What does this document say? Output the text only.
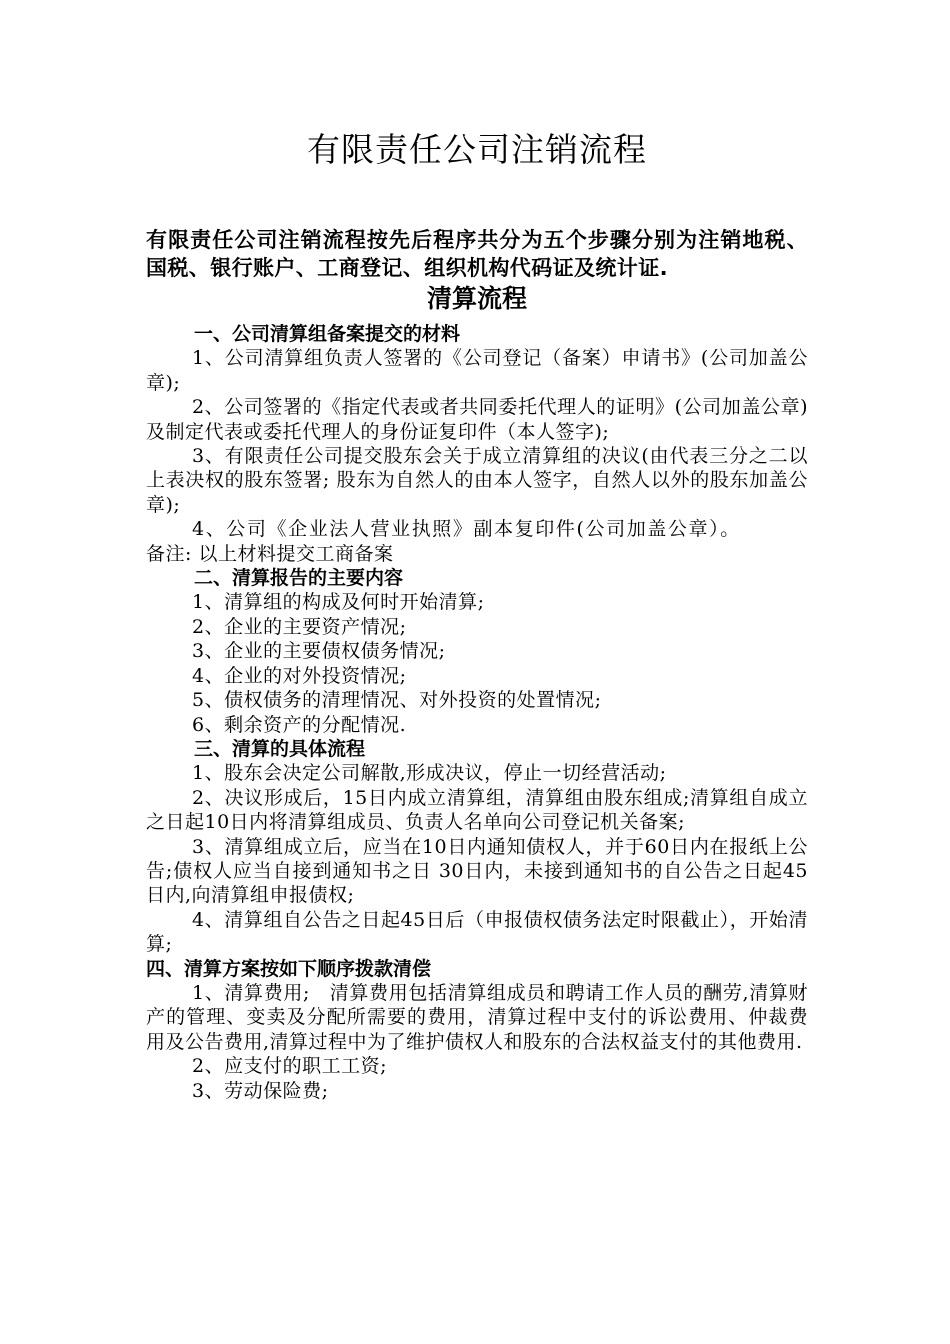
有限责任公司注销流程
有限责任公司注销流程按先后程序共分为五个步骤分别为注销地税、国税、银行账户、工商登记、组织机构代码证及统计证.
清算流程

一、公司清算组备案提交的材料

1、公司清算组负责人签署的《公司登记（备案）申请书》(公司加盖公章);

2、公司签署的《指定代表或者共同委托代理人的证明》(公司加盖公章)及制定代表或委托代理人的身份证复印件（本人签字);

3、有限责任公司提交股东会关于成立清算组的决议(由代表三分之二以上表决权的股东签署; 股东为自然人的由本人签字，自然人以外的股东加盖公章);

4、公司《企业法人营业执照》副本复印件(公司加盖公章）。

备注: 以上材料提交工商备案

二、清算报告的主要内容

1、清算组的构成及何时开始清算;

2、企业的主要资产情况;

3、企业的主要债权债务情况;

4、企业的对外投资情况;

5、债权债务的清理情况、对外投资的处置情况;

6、剩余资产的分配情况.

三、清算的具体流程

1、股东会决定公司解散,形成决议，停止一切经营活动;

2、决议形成后，15日内成立清算组，清算组由股东组成;清算组自成立之日起10日内将清算组成员、负责人名单向公司登记机关备案;

3、清算组成立后，应当在10日内通知债权人，并于60日内在报纸上公告;债权人应当自接到通知书之日 30日内，未接到通知书的自公告之日起45日内,向清算组申报债权;

4、清算组自公告之日起45日后（申报债权债务法定时限截止），开始清算;

四、清算方案按如下顺序拨款清偿

1、清算费用;　清算费用包括清算组成员和聘请工作人员的酬劳,清算财产的管理、变卖及分配所需要的费用，清算过程中支付的诉讼费用、仲裁费用及公告费用,清算过程中为了维护债权人和股东的合法权益支付的其他费用.

2、应支付的职工工资;

3、劳动保险费;
